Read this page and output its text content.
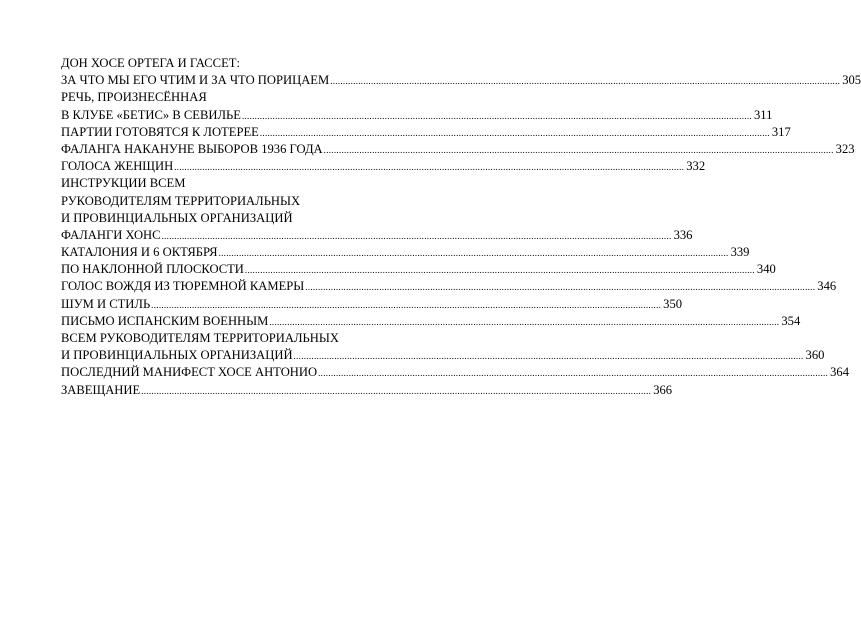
ДОН ХОСЕ ОРТЕГА И ГАССЕТ:
ЗА ЧТО МЫ ЕГО ЧТИМ И ЗА ЧТО ПОРИЦАЕМ ........................................................................................................................................................................................................ 305
РЕЧЬ, ПРОИЗНЕСЁННАЯ
В КЛУБЕ «БЕТИС» В СЕВИЛЬЕ ........................................................................................................................................................................................................ 311
ПАРТИИ ГОТОВЯТСЯ К ЛОТЕРЕЕ ........................................................................................................................................................................................................ 317
ФАЛАНГА НАКАНУНЕ ВЫБОРОВ 1936 ГОДА ........................................................................................................................................................................................................ 323
ГОЛОСА ЖЕНЩИН ........................................................................................................................................................................................................ 332
ИНСТРУКЦИИ ВСЕМ
РУКОВОДИТЕЛЯМ ТЕРРИТОРИАЛЬНЫХ
И ПРОВИНЦИАЛЬНЫХ ОРГАНИЗАЦИЙ
ФАЛАНГИ ХОНС ........................................................................................................................................................................................................ 336
КАТАЛОНИЯ И 6 ОКТЯБРЯ ........................................................................................................................................................................................................ 339
ПО НАКЛОННОЙ ПЛОСКОСТИ ........................................................................................................................................................................................................ 340
ГОЛОС ВОЖДЯ ИЗ ТЮРЕМНОЙ КАМЕРЫ ........................................................................................................................................................................................................ 346
ШУМ И СТИЛЬ ........................................................................................................................................................................................................ 350
ПИСЬМО ИСПАНСКИМ ВОЕННЫМ ........................................................................................................................................................................................................ 354
ВСЕМ РУКОВОДИТЕЛЯМ ТЕРРИТОРИАЛЬНЫХ
И ПРОВИНЦИАЛЬНЫХ ОРГАНИЗАЦИЙ ........................................................................................................................................................................................................ 360
ПОСЛЕДНИЙ МАНИФЕСТ ХОСЕ АНТОНИО ........................................................................................................................................................................................................ 364
ЗАВЕЩАНИЕ ........................................................................................................................................................................................................ 366
